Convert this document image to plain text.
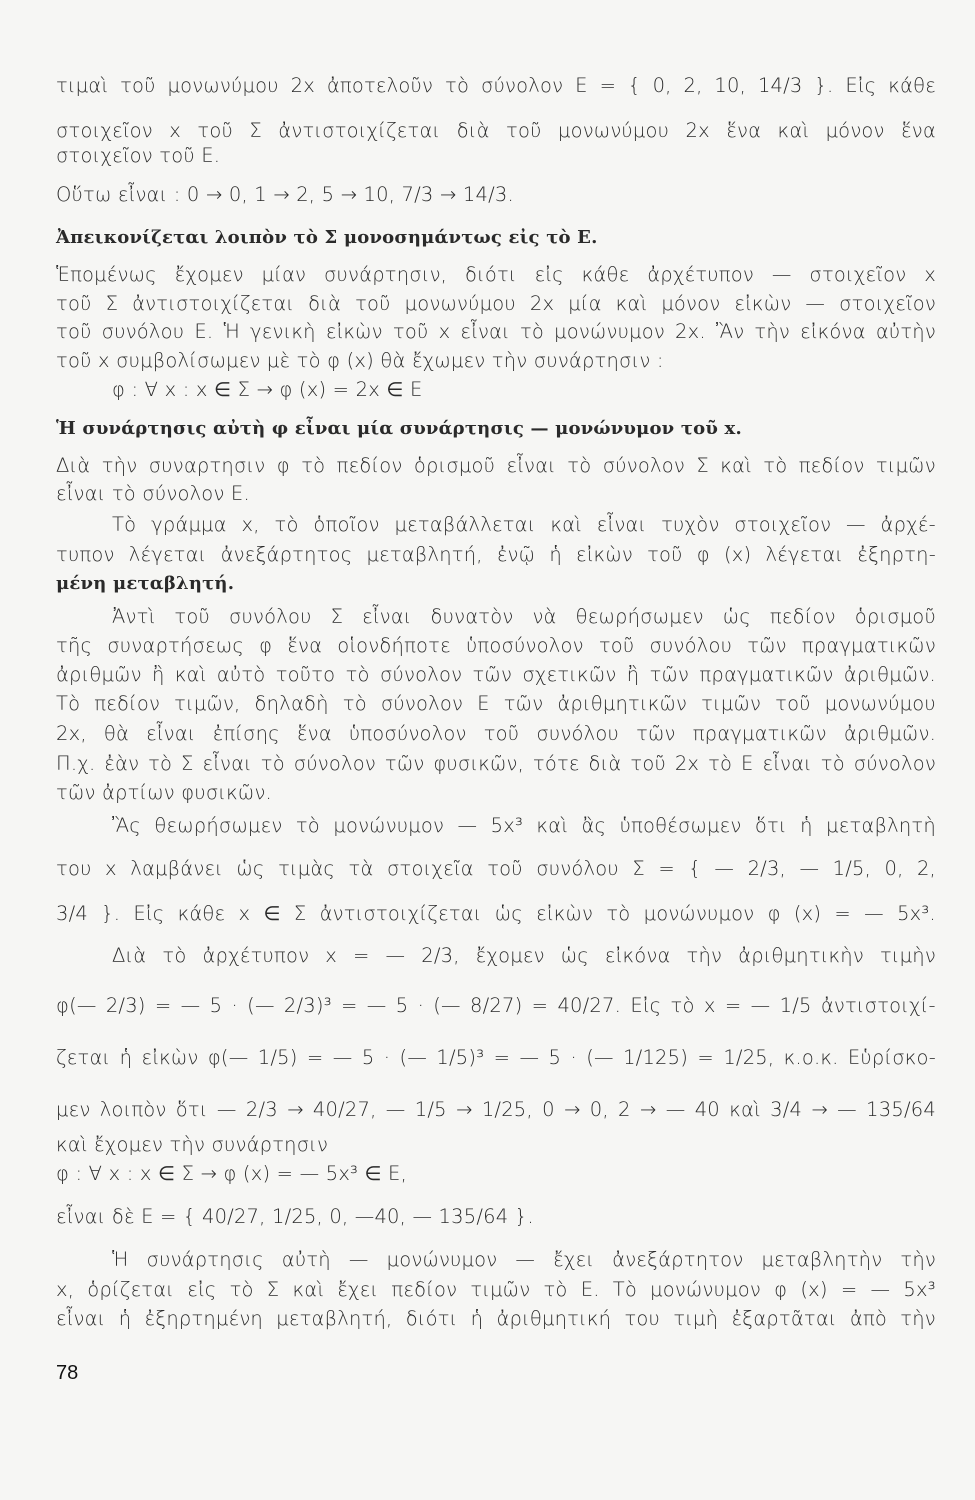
τιμαὶ τοῦ μονωνύμου 2x ἀποτελοῦν τὸ σύνολον Ε = { 0, 2, 10, 14/3 }. Εἰς κάθε
στοιχεῖον x τοῦ Σ ἀντιστοιχίζεται διὰ τοῦ μονωνύμου 2x ἕνα καὶ μόνον ἕνα
στοιχεῖον τοῦ Ε.
Οὕτω εἶναι : 0 → 0, 1 → 2, 5 → 10, 7/3 → 14/3.
Ἀπεικονίζεται λοιπὸν τὸ Σ μονοσημάντως εἰς τὸ Ε.
Ἑπομένως ἔχομεν μίαν συνάρτησιν, διότι εἰς κάθε ἀρχέτυπον — στοιχεῖον x
τοῦ Σ ἀντιστοιχίζεται διὰ τοῦ μονωνύμου 2x μία καὶ μόνον εἰκὼν — στοιχεῖον
τοῦ συνόλου Ε. Ἡ γενικὴ εἰκὼν τοῦ x εἶναι τὸ μονώνυμον 2x. Ἂν τὴν εἰκόνα αὐτὴν
τοῦ x συμβολίσωμεν μὲ τὸ φ (x) θὰ ἔχωμεν τὴν συνάρτησιν :
φ : ∀ x : x ∈ Σ → φ (x) = 2x ∈ Ε
Ἡ συνάρτησις αὐτὴ φ εἶναι μία συνάρτησις — μονώνυμον τοῦ x.
Διὰ τὴν συναρτησιν φ τὸ πεδίον ὁρισμοῦ εἶναι τὸ σύνολον Σ καὶ τὸ πεδίον τιμῶν
εἶναι τὸ σύνολον Ε.
Τὸ γράμμα x, τὸ ὁποῖον μεταβάλλεται καὶ εἶναι τυχὸν στοιχεῖον — ἀρχέ-
τυπον λέγεται ἀνεξάρτητος μεταβλητή, ἐνῷ ἡ εἰκὼν τοῦ φ (x) λέγεται ἐξηρτη-
μένη μεταβλητή.
Ἀντὶ τοῦ συνόλου Σ εἶναι δυνατὸν νὰ θεωρήσωμεν ὡς πεδίον ὁρισμοῦ
τῆς συναρτήσεως φ ἕνα οἱονδήποτε ὑποσύνολον τοῦ συνόλου τῶν πραγματικῶν
ἀριθμῶν ἢ καὶ αὐτὸ τοῦτο τὸ σύνολον τῶν σχετικῶν ἢ τῶν πραγματικῶν ἀριθμῶν.
Τὸ πεδίον τιμῶν, δηλαδὴ τὸ σύνολον Ε τῶν ἀριθμητικῶν τιμῶν τοῦ μονωνύμου
2x, θὰ εἶναι ἐπίσης ἕνα ὑποσύνολον τοῦ συνόλου τῶν πραγματικῶν ἀριθμῶν.
Π.χ. ἐὰν τὸ Σ εἶναι τὸ σύνολον τῶν φυσικῶν, τότε διὰ τοῦ 2x τὸ Ε εἶναι τὸ σύνολον
τῶν ἀρτίων φυσικῶν.
Ἂς θεωρήσωμεν τὸ μονώνυμον — 5x³ καὶ ἂς ὑποθέσωμεν ὅτι ἡ μεταβλητὴ
του x λαμβάνει ὡς τιμὰς τὰ στοιχεῖα τοῦ συνόλου Σ = { — 2/3, — 1/5, 0, 2,
3/4 }. Εἰς κάθε x ∈ Σ ἀντιστοιχίζεται ὡς εἰκὼν τὸ μονώνυμον φ (x) = — 5x³.
Διὰ τὸ ἀρχέτυπον x = — 2/3, ἔχομεν ὡς εἰκόνα τὴν ἀριθμητικὴν τιμὴν
φ(— 2/3) = — 5 · (— 2/3)³ = — 5 · (— 8/27) = 40/27. Εἰς τὸ x = — 1/5 ἀντιστοιχί-
ζεται ἡ εἰκὼν φ(— 1/5) = — 5 · (— 1/5)³ = — 5 · (— 1/125) = 1/25, κ.ο.κ. Εὑρίσκο-
μεν λοιπὸν ὅτι — 2/3 → 40/27, — 1/5 → 1/25, 0 → 0, 2 → — 40 καὶ 3/4 → — 135/64
καὶ ἔχομεν τὴν συνάρτησιν
φ : ∀ x : x ∈ Σ → φ (x) = — 5x³ ∈ Ε,
εἶναι δὲ Ε = { 40/27, 1/25, 0, —40, — 135/64 }.
Ἡ συνάρτησις αὐτὴ — μονώνυμον — ἔχει ἀνεξάρτητον μεταβλητὴν τὴν
x, ὁρίζεται εἰς τὸ Σ καὶ ἔχει πεδίον τιμῶν τὸ Ε. Τὸ μονώνυμον φ (x) = — 5x³
εἶναι ἡ ἐξηρτημένη μεταβλητή, διότι ἡ ἀριθμητική του τιμὴ ἐξαρτᾶται ἀπὸ τὴν
78
